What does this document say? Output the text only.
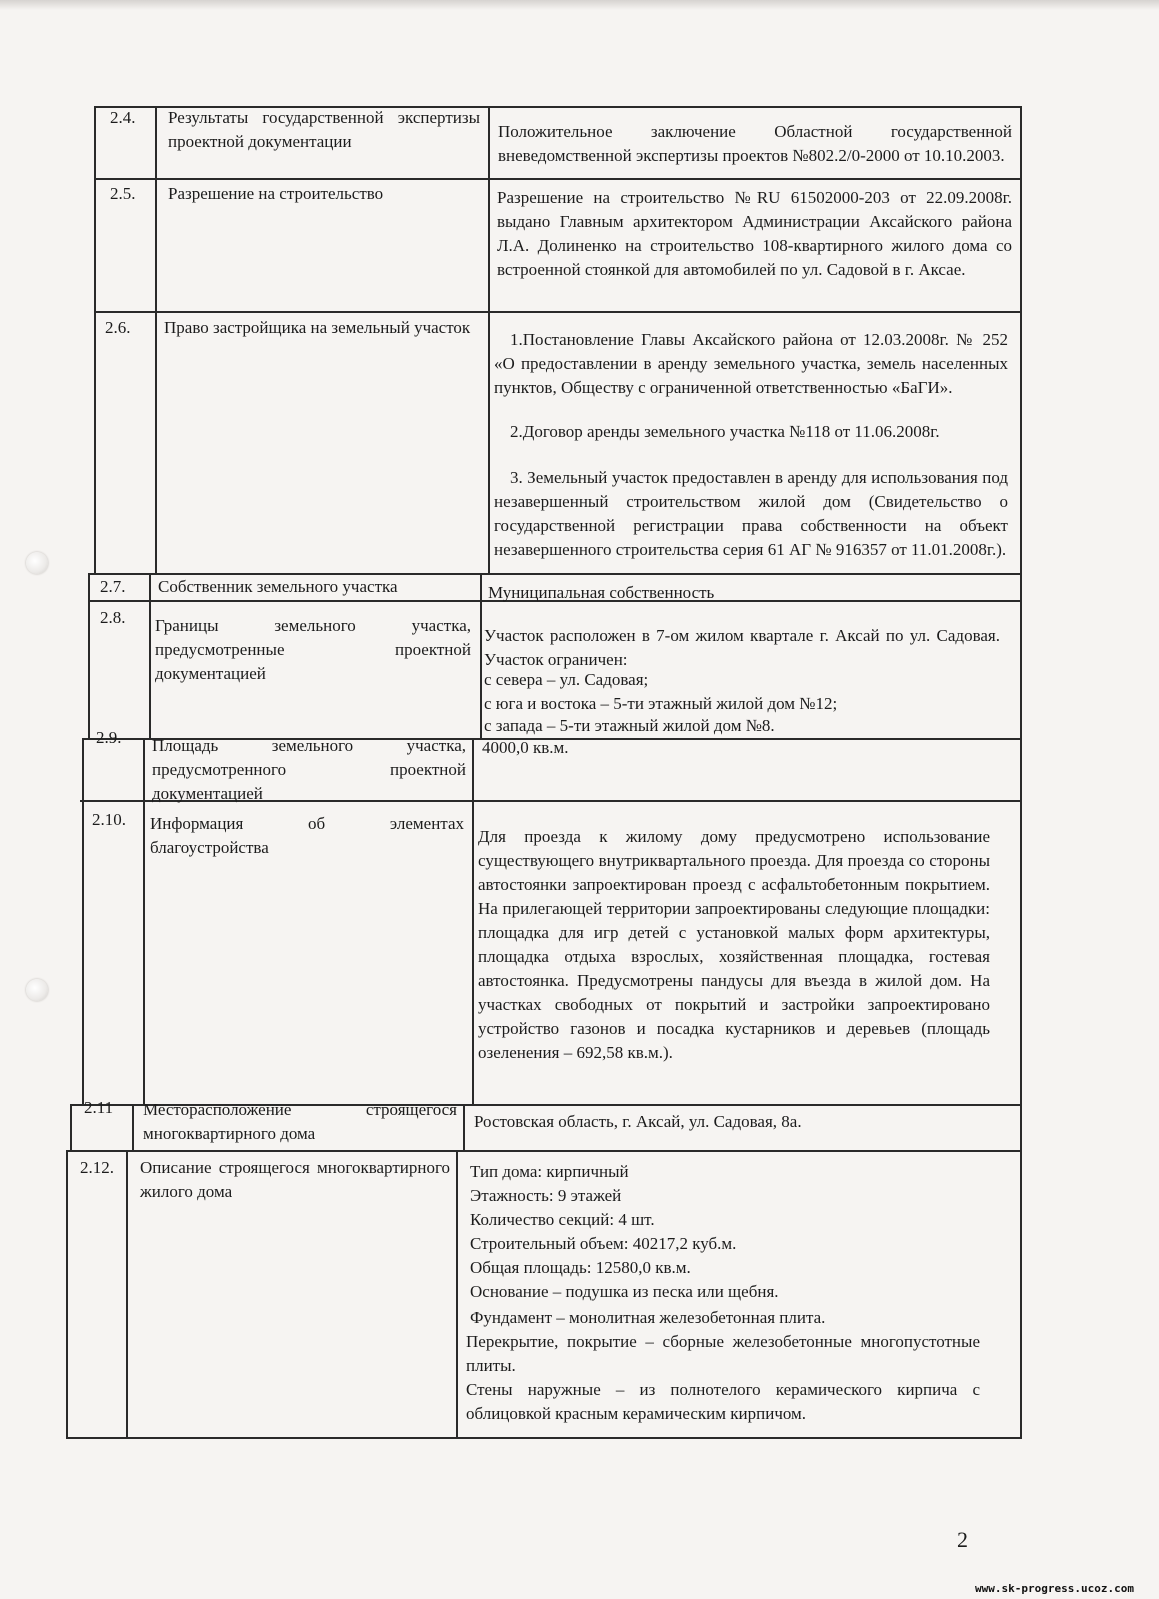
2.4. Результаты государственной экспертизы проектной документации

Положительное заключение Областной государственной вневедомственной экспертизы проектов №802.2/0-2000 от 10.10.2003.

2.5. Разрешение на строительство	Разрешение на строительство №RU 61502000-203 от 22.09.2008г. выдано Главным архитектором Администрации Аксайского района Л.А. Долиненко на строительство 108-квартирного жилого дома со встроенной стоянкой для автомобилей по ул. Садовой в г. Аксае.

2.6. Право застройщика на земельный участок

1.Постановление Главы Аксайского района от 12.03.2008г. № 252 «О предоставлении в аренду земельного участка, земель населенных пунктов, Обществу с ограниченной ответственностью «БаГИ».

2.Договор аренды земельного участка №118 от 11.06.2008г.

3. Земельный участок предоставлен в аренду для использования под незавершенный строительством жилой дом (Свидетельство о государственной регистрации права собственности на объект незавершенного строительства серия 61 АГ № 916357 от 11.01.2008г.).

2.7. Собственник земельного участка	Муниципальная собственность

2.8. Границы земельного участка, предусмотренные проектной документацией

Участок расположен в 7-ом жилом квартале г. Аксай по ул. Садовая. Участок ограничен:

с севера – ул. Садовая;

с юга и востока – 5-ти этажный жилой дом №12;

с запада – 5-ти этажный жилой дом №8.

2.9. Площадь земельного участка, предусмотренного проектной документацией

4000,0 кв.м.

2.10. Информация об элементах благоустройства

Для проезда к жилому дому предусмотрено использование существующего внутриквартального проезда. Для проезда со стороны автостоянки запроектирован проезд с асфальтобетонным покрытием. На прилегающей территории запроектированы следующие площадки: площадка для игр детей с установкой малых форм архитектуры, площадка отдыха взрослых, хозяйственная площадка, гостевая автостоянка. Предусмотрены пандусы для въезда в жилой дом. На участках свободных от покрытий и застройки запроектировано устройство газонов и посадка кустарников и деревьев (площадь озеленения – 692,58 кв.м.).

2.11 Месторасположение строящегося многоквартирного дома

Ростовская область, г. Аксай, ул. Садовая, 8а.

2.12. Описание строящегося многоквартирного жилого дома

Тип дома: кирпичный

Этажность: 9 этажей

Количество секций: 4 шт.

Строительный объем: 40217,2 куб.м.

Общая площадь: 12580,0 кв.м.

Основание – подушка из песка или щебня.

Фундамент – монолитная железобетонная плита.

Перекрытие, покрытие – сборные железобетонные многопустотные плиты.

Стены наружные – из полнотелого керамического кирпича с облицовкой красным керамическим кирпичом.

2
www.sk-progress.ucoz.com
